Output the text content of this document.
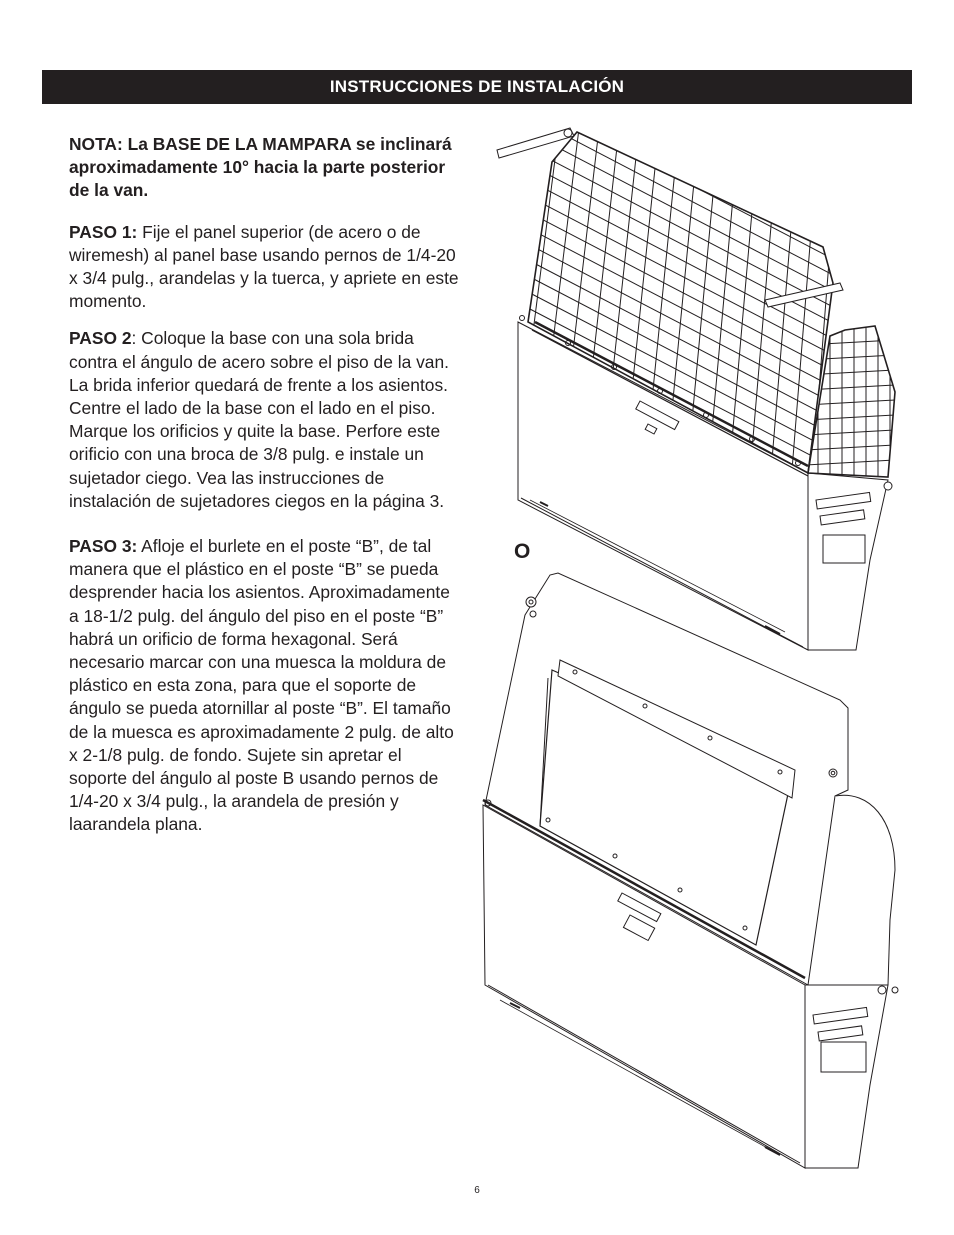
INSTRUCCIONES DE INSTALACIÓN

NOTA: La BASE DE LA MAMPARA se inclinará aproximadamente 10° hacia la parte posterior de la van.

PASO 1: Fije el panel superior (de acero o de wiremesh) al panel base usando pernos de 1/4-20 x 3/4 pulg., arandelas y la tuerca, y apriete en este momento.

PASO 2: Coloque la base con una sola brida contra el ángulo de acero sobre el piso de la van. La brida inferior quedará de frente a los asientos. Centre el lado de la base con el lado en el piso. Marque los orificios y quite la base. Perfore este orificio con una broca de 3/8 pulg. e instale un sujetador ciego. Vea las instrucciones de instalación de sujetadores ciegos en la página 3.

PASO 3: Afloje el burlete en el poste “B”, de tal manera que el plástico en el poste “B” se pueda desprender hacia los asientos. Aproximadamente a 18-1/2 pulg. del ángulo del piso en el poste “B” habrá un orificio de forma hexagonal. Será necesario marcar con una muesca la moldura de plástico en esta zona, para que el soporte de ángulo se pueda atornillar al poste “B”. El tamaño de la muesca es aproximadamente 2 pulg. de alto x 2-1/8 pulg. de fondo. Sujete sin apretar el soporte del ángulo al poste B usando pernos de 1/4-20 x 3/4 pulg., la arandela de presión y laarandela plana.

O
6
